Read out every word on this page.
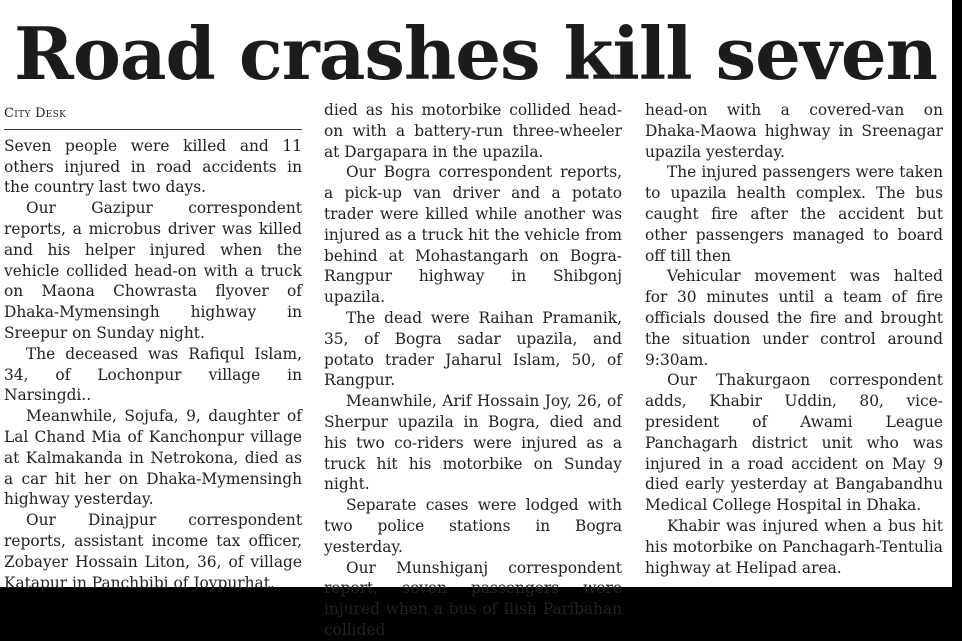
Road crashes kill seven
City Desk

Seven people were killed and 11 others injured in road accidents in the country last two days.

Our Gazipur correspondent reports, a microbus driver was killed and his helper injured when the vehicle collided head-on with a truck on Maona Chowrasta flyover of Dhaka-Mymensingh highway in Sreepur on Sunday night.

The deceased was Rafiqul Islam, 34, of Lochonpur village in Narsingdi..

Meanwhile, Sojufa, 9, daughter of Lal Chand Mia of Kanchonpur village at Kalmakanda in Netrokona, died as a car hit her on Dhaka-Mymensingh highway yesterday.

Our Dinajpur correspondent reports, assistant income tax officer, Zobayer Hossain Liton, 36, of village Katapur in Panchbibi of Joypurhat,

died as his motorbike collided head-on with a battery-run three-wheeler at Dargapara in the upazila.

Our Bogra correspondent reports, a pick-up van driver and a potato trader were killed while another was injured as a truck hit the vehicle from behind at Mohastangarh on Bogra-Rangpur highway in Shibgonj upazila.

The dead were Raihan Pramanik, 35, of Bogra sadar upazila, and potato trader Jaharul Islam, 50, of Rangpur.

Meanwhile, Arif Hossain Joy, 26, of Sherpur upazila in Bogra, died and his two co-riders were injured as a truck hit his motorbike on Sunday night.

Separate cases were lodged with two police stations in Bogra yesterday.

Our Munshiganj correspondent report, seven passengers were injured when a bus of Ilish Paribahan collided

head-on with a covered-van on Dhaka-Maowa highway in Sreenagar upazila yesterday.

The injured passengers were taken to upazila health complex. The bus caught fire after the accident but other passengers managed to board off till then

Vehicular movement was halted for 30 minutes until a team of fire officials doused the fire and brought the situation under control around 9:30am.

Our Thakurgaon correspondent adds, Khabir Uddin, 80, vice-president of Awami League Panchagarh district unit who was injured in a road accident on May 9 died early yesterday at Bangabandhu Medical College Hospital in Dhaka.

Khabir was injured when a bus hit his motorbike on Panchagarh-Tentulia highway at Helipad area.
